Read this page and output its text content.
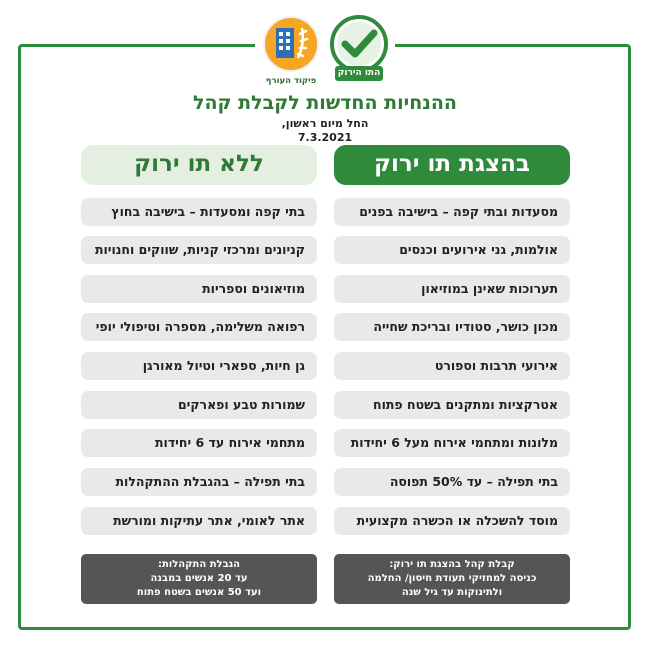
התו הירוק
פיקוד העורף
ההנחיות החדשות לקבלת קהל
החל מיום ראשון,
7.3.2021
בהצגת תו ירוק
ללא תו ירוק
מסעדות ובתי קפה – בישיבה בפנים
אולמות, גני אירועים וכנסים
תערוכות שאינן במוזיאון
מכון כושר, סטודיו ובריכת שחייה
אירועי תרבות וספורט
אטרקציות ומתקנים בשטח פתוח
מלונות ומתחמי אירוח מעל 6 יחידות
בתי תפילה – עד 50% תפוסה
מוסד להשכלה או הכשרה מקצועית
בתי קפה ומסעדות – בישיבה בחוץ
קניונים ומרכזי קניות, שווקים וחנויות
מוזיאונים וספריות
רפואה משלימה, מספרה וטיפולי יופי
גן חיות, ספארי וטיול מאורגן
שמורות טבע ופארקים
מתחמי אירוח עד 6 יחידות
בתי תפילה – בהגבלת ההתקהלות
אתר לאומי, אתר עתיקות ומורשת
קבלת קהל בהצגת תו ירוק:
כניסה למחזיקי תעודת חיסון/ החלמה
ולתינוקות עד גיל שנה
הגבלת התקהלות:
עד 20 אנשים במבנה
ועד 50 אנשים בשטח פתוח
